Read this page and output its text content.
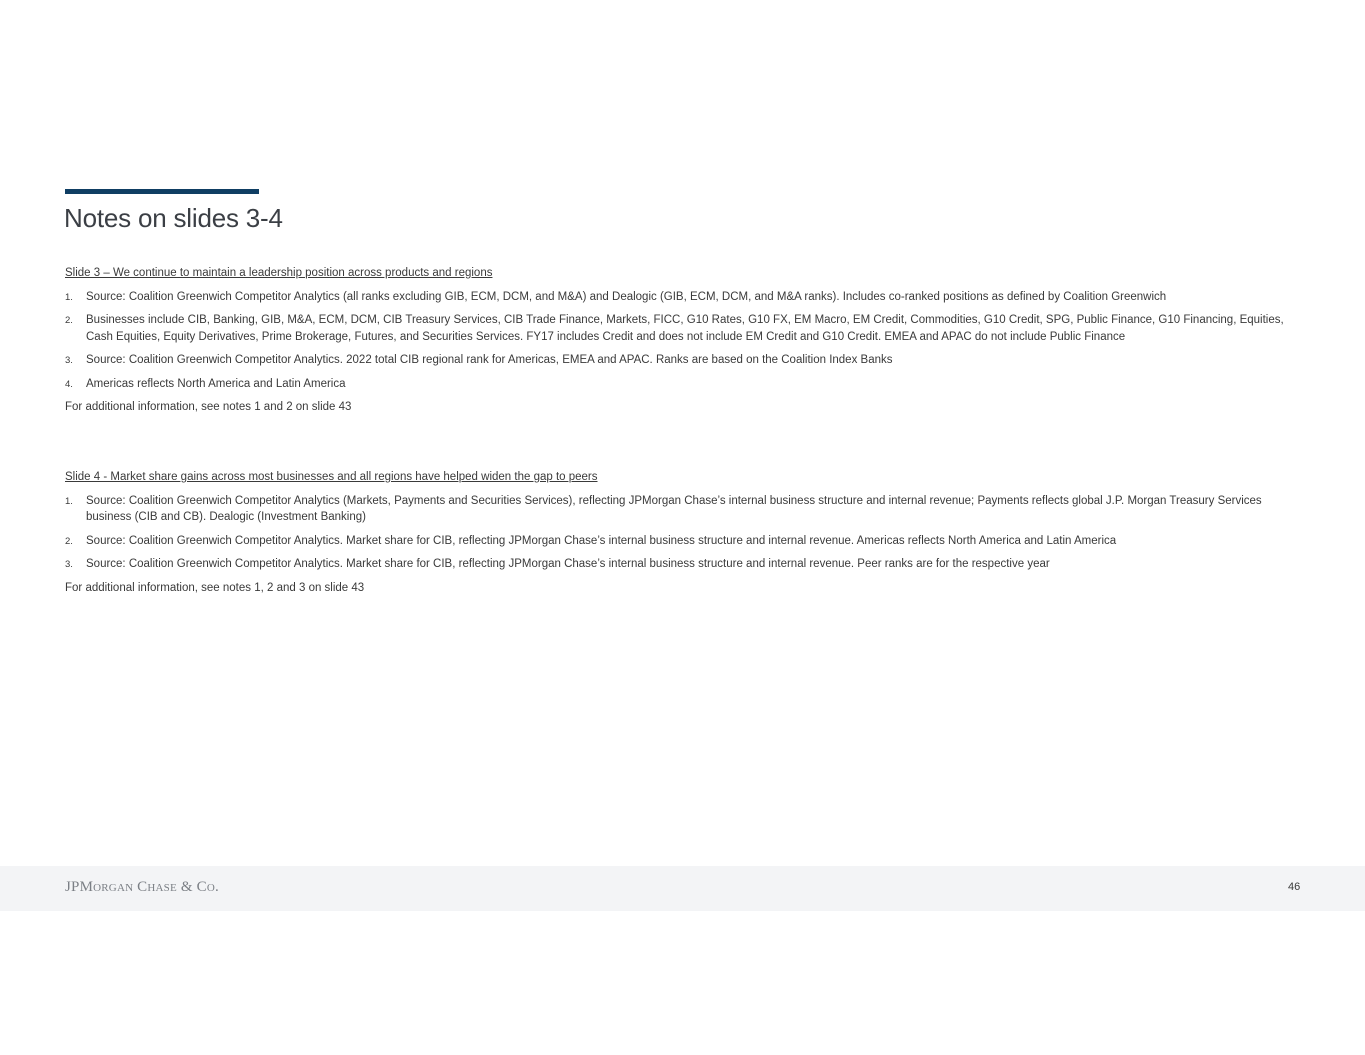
Notes on slides 3-4

Slide 3 – We continue to maintain a leadership position across products and regions

1. Source: Coalition Greenwich Competitor Analytics (all ranks excluding GIB, ECM, DCM, and M&A) and Dealogic (GIB, ECM, DCM, and M&A ranks). Includes co-ranked positions as defined by Coalition Greenwich
2. Businesses include CIB, Banking, GIB, M&A, ECM, DCM, CIB Treasury Services, CIB Trade Finance, Markets, FICC, G10 Rates, G10 FX, EM Macro, EM Credit, Commodities, G10 Credit, SPG, Public Finance, G10 Financing, Equities, Cash Equities, Equity Derivatives, Prime Brokerage, Futures, and Securities Services. FY17 includes Credit and does not include EM Credit and G10 Credit. EMEA and APAC do not include Public Finance
3. Source: Coalition Greenwich Competitor Analytics. 2022 total CIB regional rank for Americas, EMEA and APAC. Ranks are based on the Coalition Index Banks
4. Americas reflects North America and Latin America

For additional information, see notes 1 and 2 on slide 43

Slide 4 - Market share gains across most businesses and all regions have helped widen the gap to peers

1. Source: Coalition Greenwich Competitor Analytics (Markets, Payments and Securities Services), reflecting JPMorgan Chase’s internal business structure and internal revenue; Payments reflects global J.P. Morgan Treasury Services business (CIB and CB). Dealogic (Investment Banking)
2. Source: Coalition Greenwich Competitor Analytics. Market share for CIB, reflecting JPMorgan Chase’s internal business structure and internal revenue. Americas reflects North America and Latin America
3. Source: Coalition Greenwich Competitor Analytics. Market share for CIB, reflecting JPMorgan Chase’s internal business structure and internal revenue. Peer ranks are for the respective year

For additional information, see notes 1, 2 and 3 on slide 43

JPMorgan Chase & Co.	46
